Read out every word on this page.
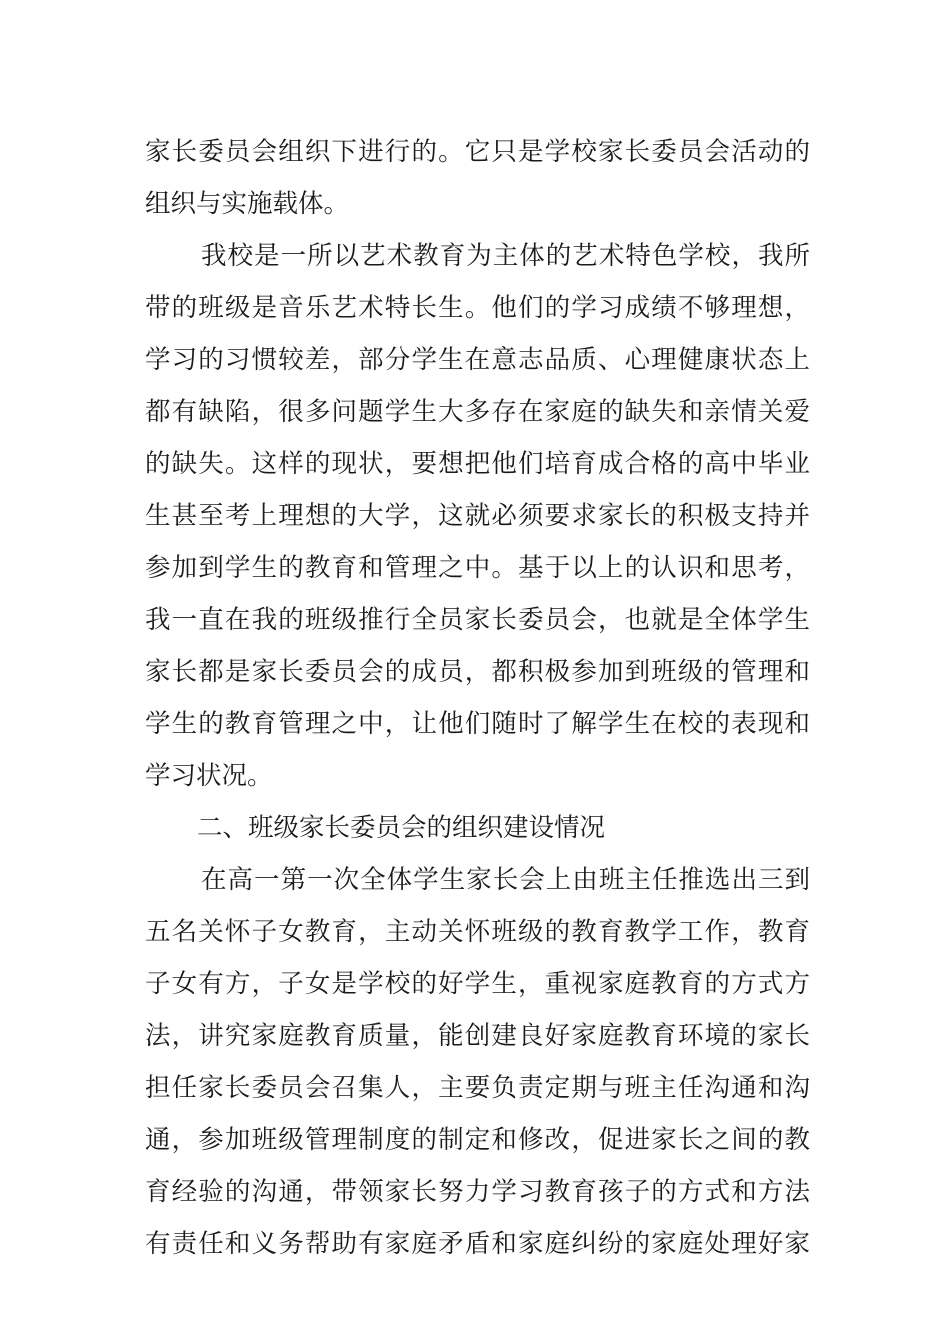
家长委员会组织下进行的。它只是学校家长委员会活动的
组织与实施载体。
我校是一所以艺术教育为主体的艺术特色学校，我所
带的班级是音乐艺术特长生。他们的学习成绩不够理想，
学习的习惯较差，部分学生在意志品质、心理健康状态上
都有缺陷，很多问题学生大多存在家庭的缺失和亲情关爱
的缺失。这样的现状，要想把他们培育成合格的高中毕业
生甚至考上理想的大学，这就必须要求家长的积极支持并
参加到学生的教育和管理之中。基于以上的认识和思考，
我一直在我的班级推行全员家长委员会，也就是全体学生
家长都是家长委员会的成员，都积极参加到班级的管理和
学生的教育管理之中，让他们随时了解学生在校的表现和
学习状况。
二、班级家长委员会的组织建设情况
在高一第一次全体学生家长会上由班主任推选出三到
五名关怀子女教育，主动关怀班级的教育教学工作，教育
子女有方，子女是学校的好学生，重视家庭教育的方式方
法，讲究家庭教育质量，能创建良好家庭教育环境的家长
担任家长委员会召集人，主要负责定期与班主任沟通和沟
通，参加班级管理制度的制定和修改，促进家长之间的教
育经验的沟通，带领家长努力学习教育孩子的方式和方法
有责任和义务帮助有家庭矛盾和家庭纠纷的家庭处理好家
